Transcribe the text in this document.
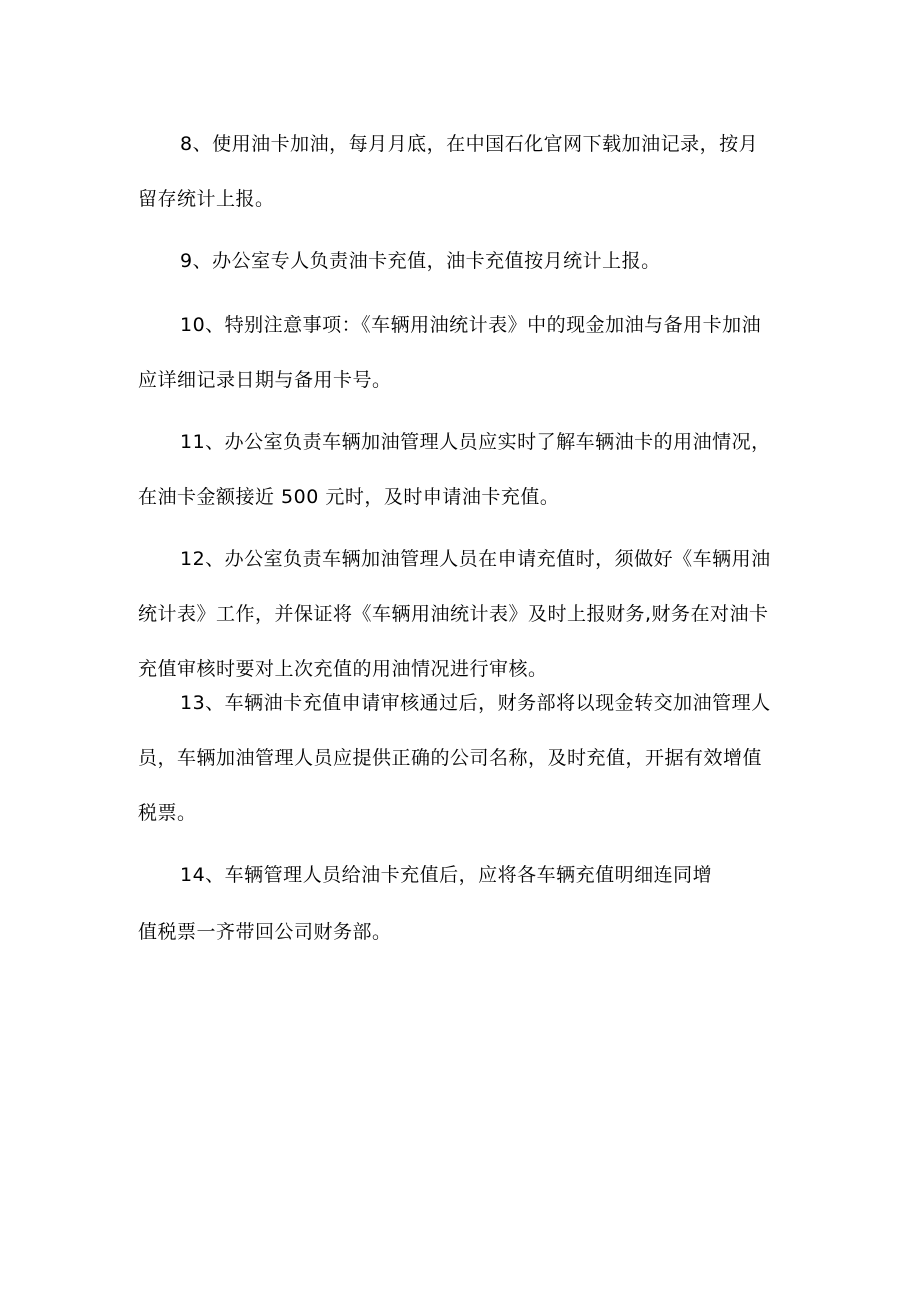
8、使用油卡加油，每月月底，在中国石化官网下载加油记录，按月
留存统计上报。

9、办公室专人负责油卡充值，油卡充值按月统计上报。

10、特别注意事项：《车辆用油统计表》中的现金加油与备用卡加油
应详细记录日期与备用卡号。

11、办公室负责车辆加油管理人员应实时了解车辆油卡的用油情况，
在油卡金额接近 500 元时，及时申请油卡充值。

12、办公室负责车辆加油管理人员在申请充值时，须做好《车辆用油
统计表》工作，并保证将《车辆用油统计表》及时上报财务,财务在对油卡
充值审核时要对上次充值的用油情况进行审核。

13、车辆油卡充值申请审核通过后，财务部将以现金转交加油管理人
员，车辆加油管理人员应提供正确的公司名称，及时充值，开据有效增值
税票。

14、车辆管理人员给油卡充值后，应将各车辆充值明细连同增
值税票一齐带回公司财务部。
